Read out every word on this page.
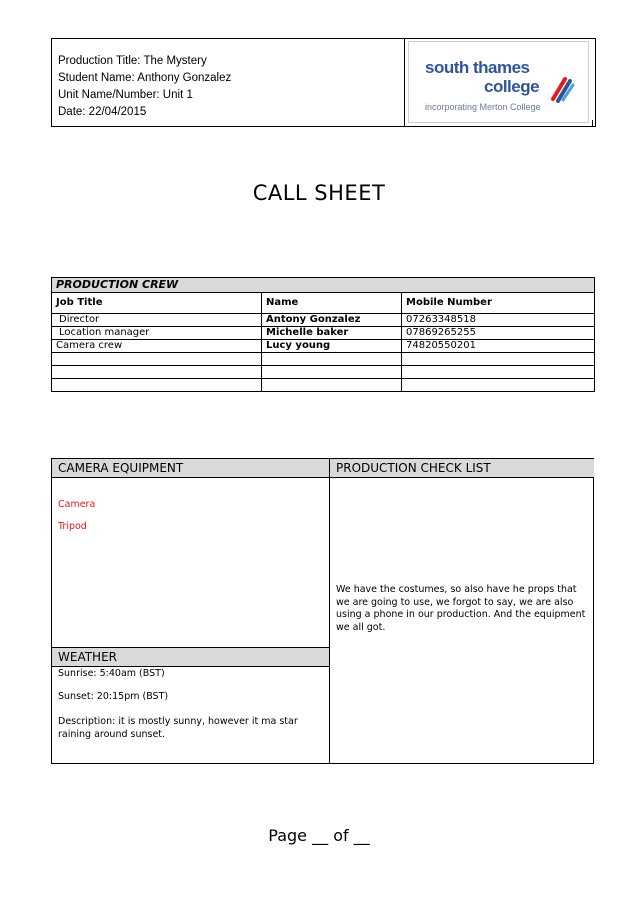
Production Title: The Mystery
Student Name: Anthony Gonzalez
Unit Name/Number: Unit 1
Date: 22/04/2015
south thames
college
incorporating Merton College
CALL SHEET
PRODUCTION CREW		
Job Title	Name	Mobile Number
Director	Antony Gonzalez	07263348518
Location manager	Michelle baker	07869265255
Camera crew	Lucy young	74820550201

CAMERA EQUIPMENT	PRODUCTION CHECK LIST
Camera
Tripod
We have the costumes, so also have he props that we are going to use, we forgot to say, we are also using a phone in our production. And the equipment we all got.
WEATHER
Sunrise: 5:40am (BST)
Sunset: 20:15pm (BST)
Description: it is mostly sunny, however it ma star raining around sunset.
Page __ of __
